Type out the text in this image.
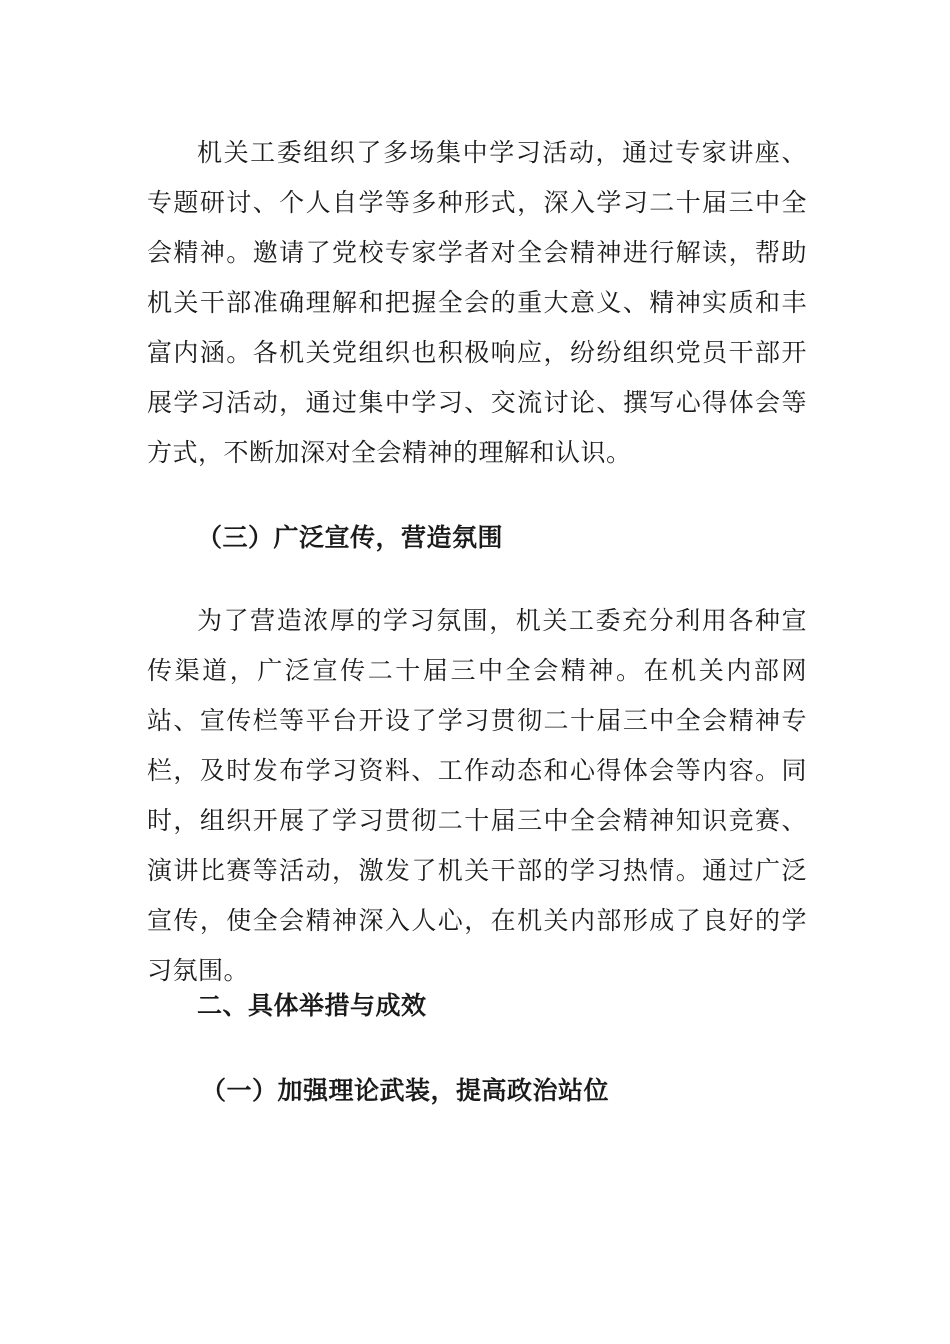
机关工委组织了多场集中学习活动，通过专家讲座、专题研讨、个人自学等多种形式，深入学习二十届三中全会精神。邀请了党校专家学者对全会精神进行解读，帮助机关干部准确理解和把握全会的重大意义、精神实质和丰富内涵。各机关党组织也积极响应，纷纷组织党员干部开展学习活动，通过集中学习、交流讨论、撰写心得体会等方式，不断加深对全会精神的理解和认识。

（三）广泛宣传，营造氛围

为了营造浓厚的学习氛围，机关工委充分利用各种宣传渠道，广泛宣传二十届三中全会精神。在机关内部网站、宣传栏等平台开设了学习贯彻二十届三中全会精神专栏，及时发布学习资料、工作动态和心得体会等内容。同时，组织开展了学习贯彻二十届三中全会精神知识竞赛、演讲比赛等活动，激发了机关干部的学习热情。通过广泛宣传，使全会精神深入人心，在机关内部形成了良好的学习氛围。

二、具体举措与成效

（一）加强理论武装，提高政治站位
